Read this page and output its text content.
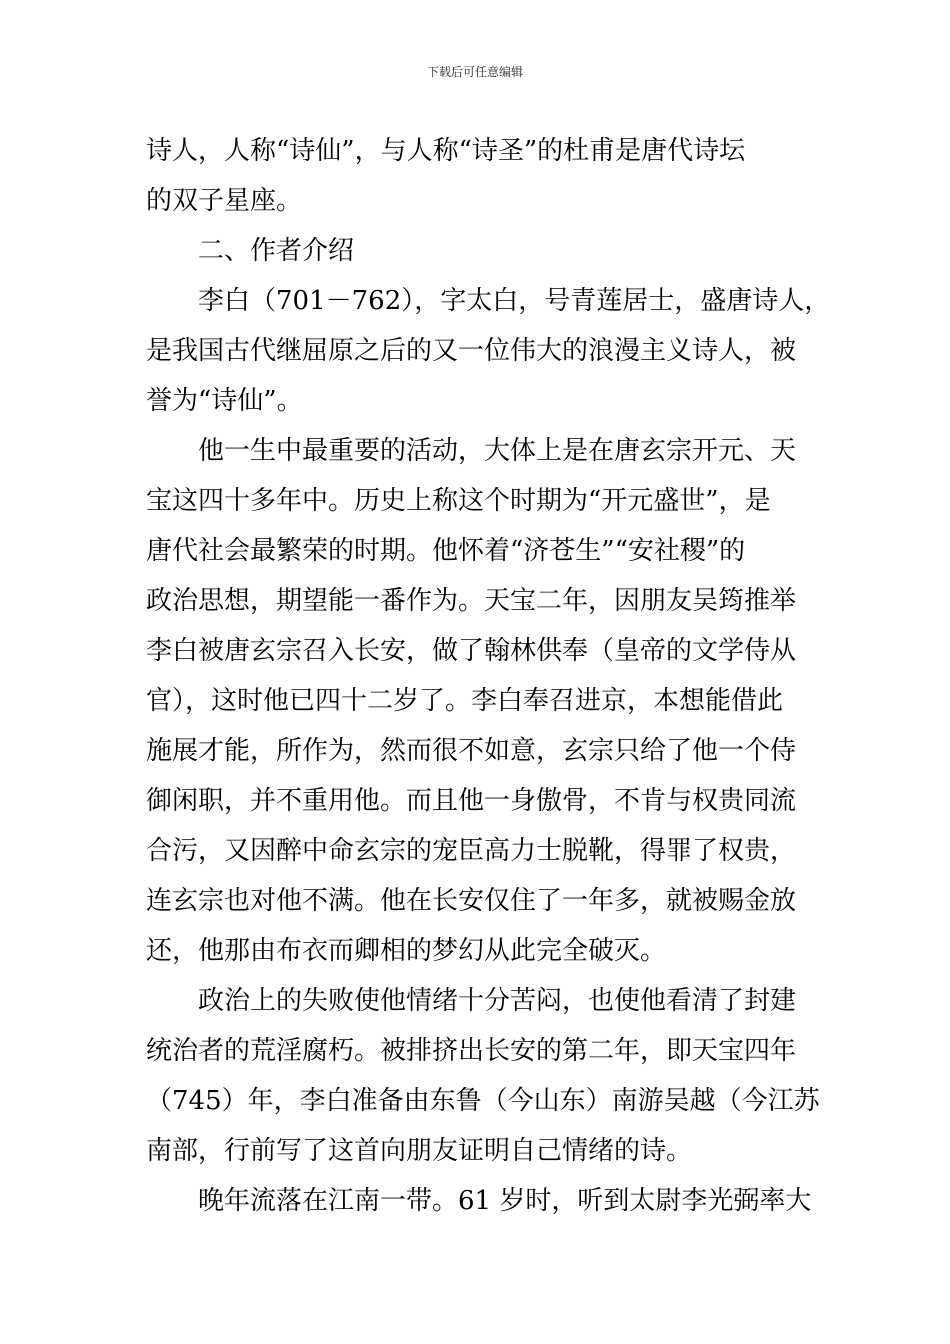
下载后可任意编辑
诗人，人称“诗仙”，与人称“诗圣”的杜甫是唐代诗坛
的双子星座。
二、作者介绍
李白（701－762），字太白，号青莲居士，盛唐诗人，
是我国古代继屈原之后的又一位伟大的浪漫主义诗人，被
誉为“诗仙”。
他一生中最重要的活动，大体上是在唐玄宗开元、天
宝这四十多年中。历史上称这个时期为“开元盛世”，是
唐代社会最繁荣的时期。他怀着“济苍生”“安社稷”的
政治思想，期望能一番作为。天宝二年，因朋友吴筠推举
李白被唐玄宗召入长安，做了翰林供奉（皇帝的文学侍从
官），这时他已四十二岁了。李白奉召进京，本想能借此
施展才能，所作为，然而很不如意，玄宗只给了他一个侍
御闲职，并不重用他。而且他一身傲骨，不肯与权贵同流
合污，又因醉中命玄宗的宠臣高力士脱靴，得罪了权贵，
连玄宗也对他不满。他在长安仅住了一年多，就被赐金放
还，他那由布衣而卿相的梦幻从此完全破灭。
政治上的失败使他情绪十分苦闷，也使他看清了封建
统治者的荒淫腐朽。被排挤出长安的第二年，即天宝四年
（745）年，李白准备由东鲁（今山东）南游吴越（今江苏
南部，行前写了这首向朋友证明自己情绪的诗。
晚年流落在江南一带。61 岁时，听到太尉李光弼率大
